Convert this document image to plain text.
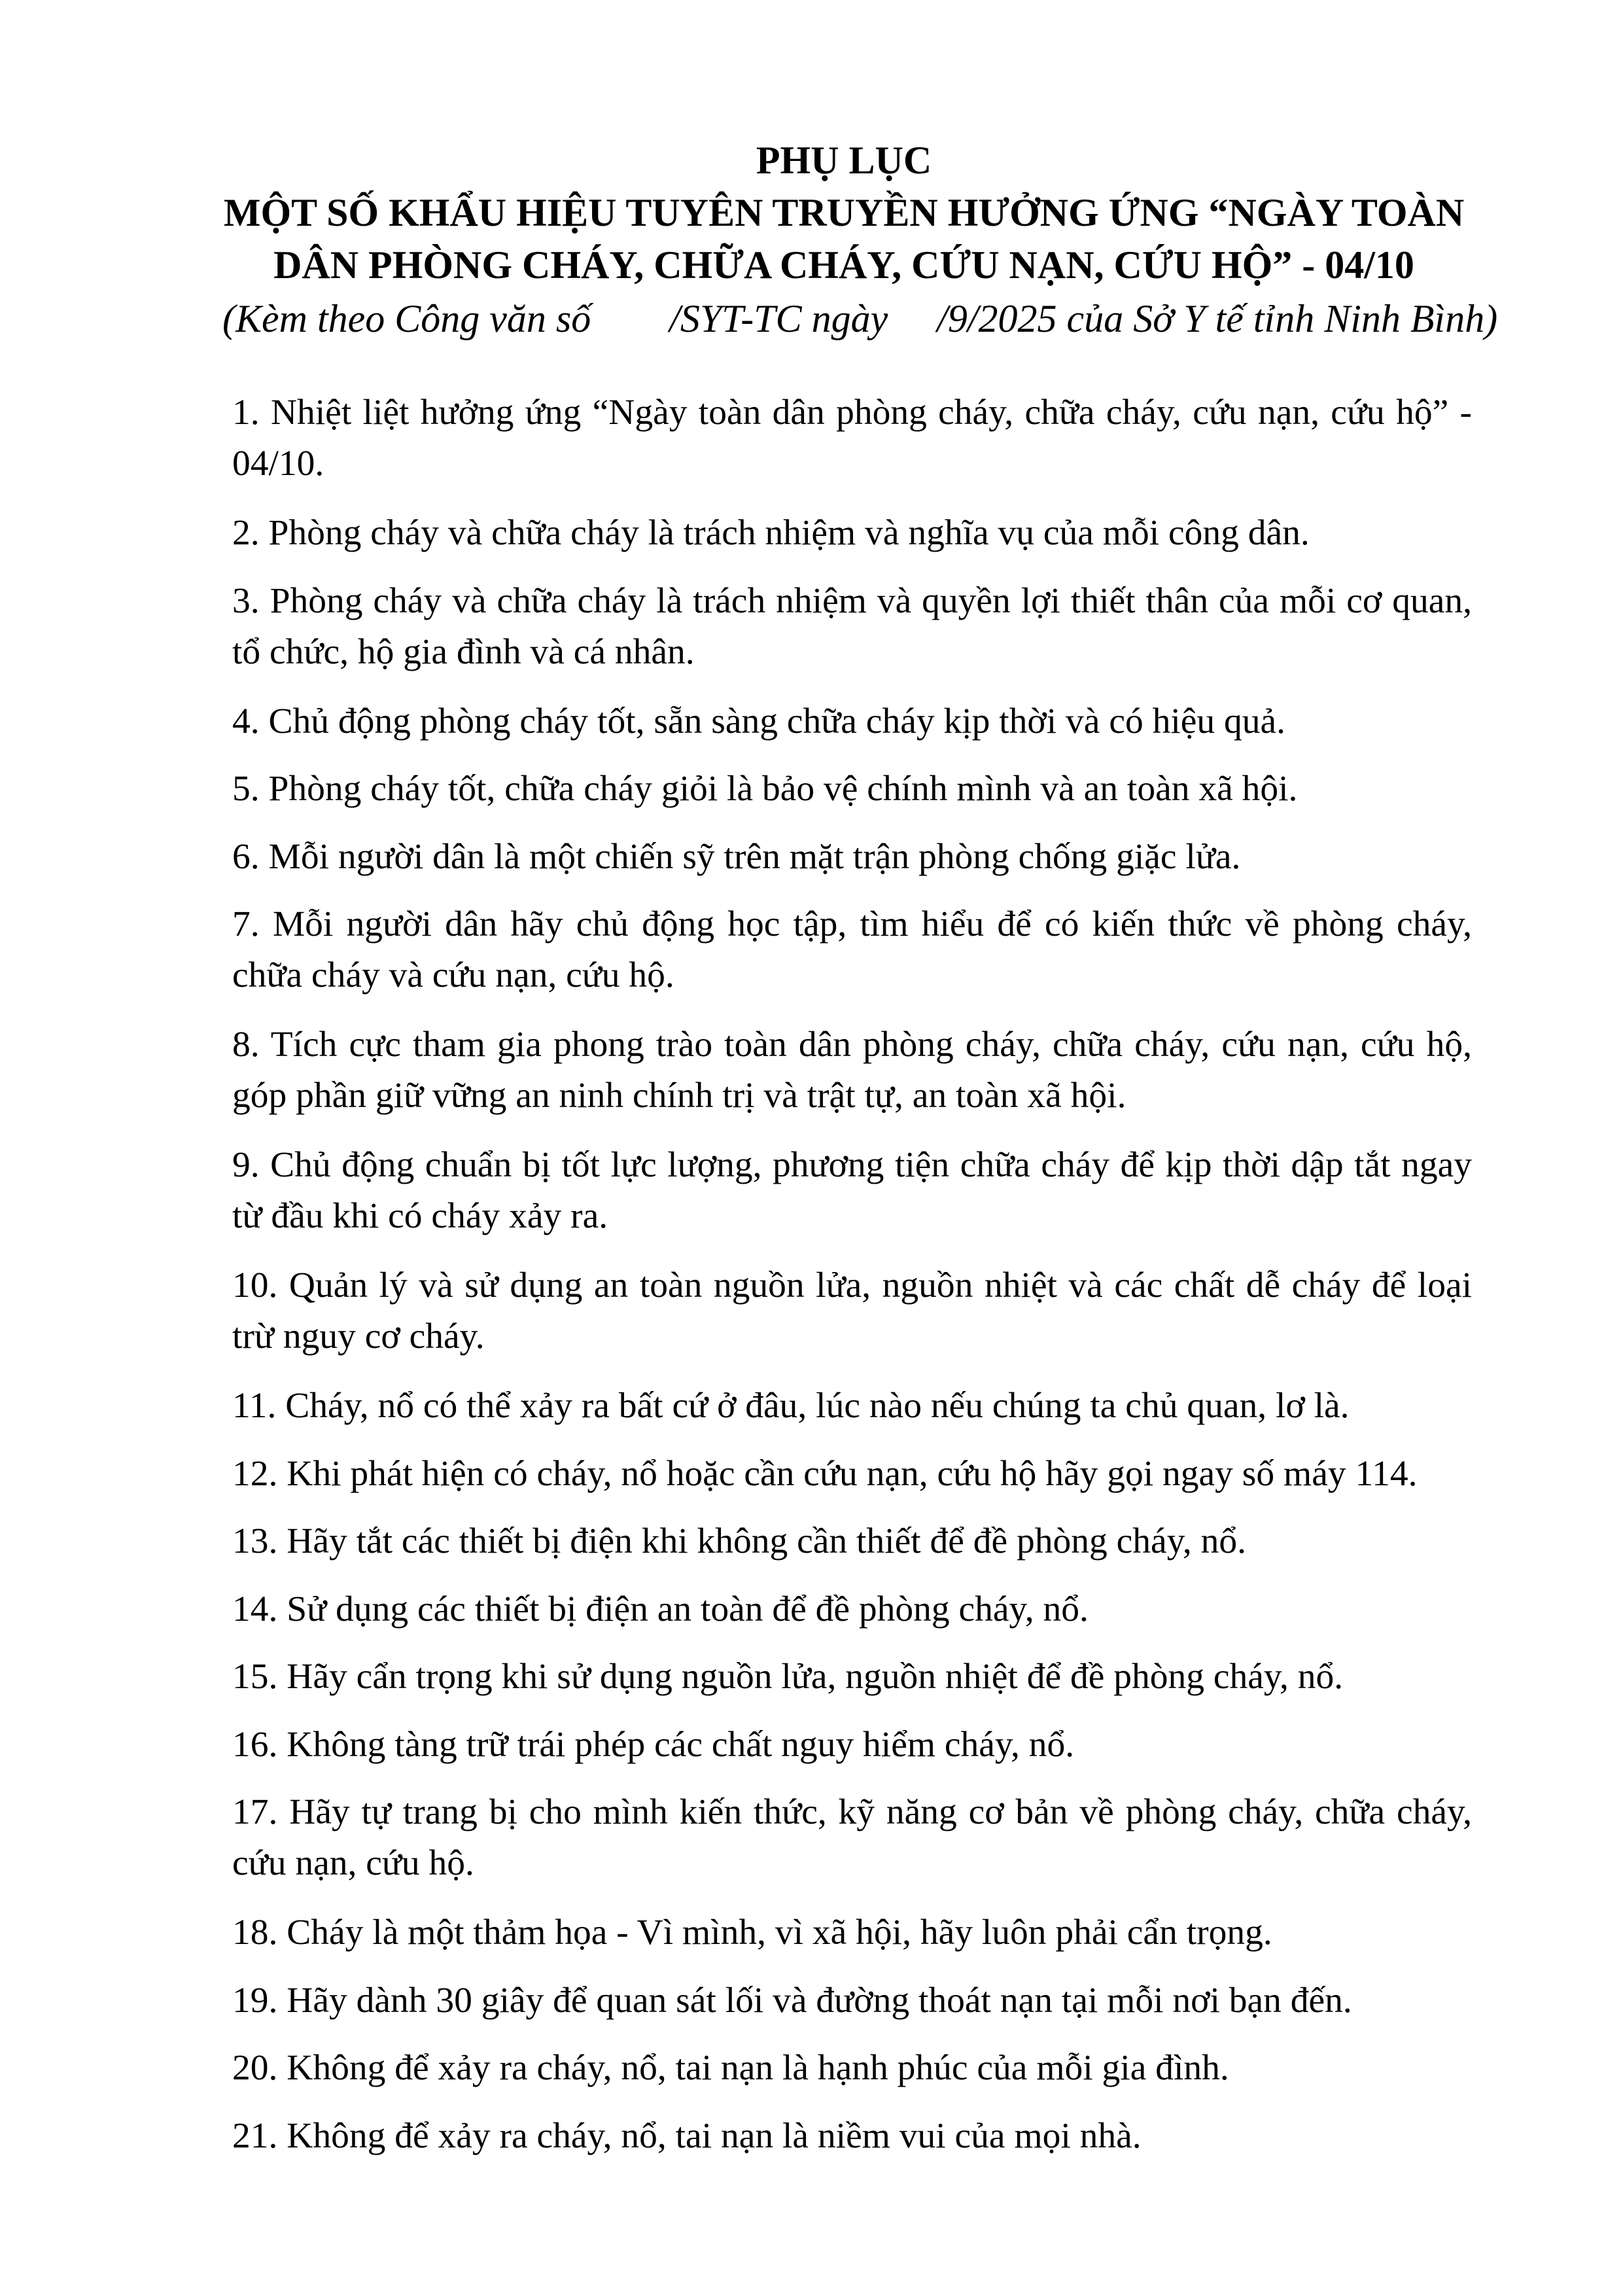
PHỤ LỤC

MỘT SỐ KHẨU HIỆU TUYÊN TRUYỀN HƯỞNG ỨNG “NGÀY TOÀN

DÂN PHÒNG CHÁY, CHỮA CHÁY, CỨU NẠN, CỨU HỘ” - 04/10

(Kèm theo Công văn số        /SYT-TC ngày     /9/2025 của Sở Y tế tỉnh Ninh Bình)

1. Nhiệt liệt hưởng ứng “Ngày toàn dân phòng cháy, chữa cháy, cứu nạn, cứu hộ” - 04/10.

2. Phòng cháy và chữa cháy là trách nhiệm và nghĩa vụ của mỗi công dân.

3. Phòng cháy và chữa cháy là trách nhiệm và quyền lợi thiết thân của mỗi cơ quan, tổ chức, hộ gia đình và cá nhân.

4. Chủ động phòng cháy tốt, sẵn sàng chữa cháy kịp thời và có hiệu quả.

5. Phòng cháy tốt, chữa cháy giỏi là bảo vệ chính mình và an toàn xã hội.

6. Mỗi người dân là một chiến sỹ trên mặt trận phòng chống giặc lửa.

7. Mỗi người dân hãy chủ động học tập, tìm hiểu để có kiến thức về phòng cháy, chữa cháy và cứu nạn, cứu hộ.

8. Tích cực tham gia phong trào toàn dân phòng cháy, chữa cháy, cứu nạn, cứu hộ, góp phần giữ vững an ninh chính trị và trật tự, an toàn xã hội.

9. Chủ động chuẩn bị tốt lực lượng, phương tiện chữa cháy để kịp thời dập tắt ngay từ đầu khi có cháy xảy ra.

10. Quản lý và sử dụng an toàn nguồn lửa, nguồn nhiệt và các chất dễ cháy để loại trừ nguy cơ cháy.

11. Cháy, nổ có thể xảy ra bất cứ ở đâu, lúc nào nếu chúng ta chủ quan, lơ là.

12. Khi phát hiện có cháy, nổ hoặc cần cứu nạn, cứu hộ hãy gọi ngay số máy 114.

13. Hãy tắt các thiết bị điện khi không cần thiết để đề phòng cháy, nổ.

14. Sử dụng các thiết bị điện an toàn để đề phòng cháy, nổ.

15. Hãy cẩn trọng khi sử dụng nguồn lửa, nguồn nhiệt để đề phòng cháy, nổ.

16. Không tàng trữ trái phép các chất nguy hiểm cháy, nổ.

17. Hãy tự trang bị cho mình kiến thức, kỹ năng cơ bản về phòng cháy, chữa cháy, cứu nạn, cứu hộ.

18. Cháy là một thảm họa - Vì mình, vì xã hội, hãy luôn phải cẩn trọng.

19. Hãy dành 30 giây để quan sát lối và đường thoát nạn tại mỗi nơi bạn đến.

20. Không để xảy ra cháy, nổ, tai nạn là hạnh phúc của mỗi gia đình.

21. Không để xảy ra cháy, nổ, tai nạn là niềm vui của mọi nhà.
